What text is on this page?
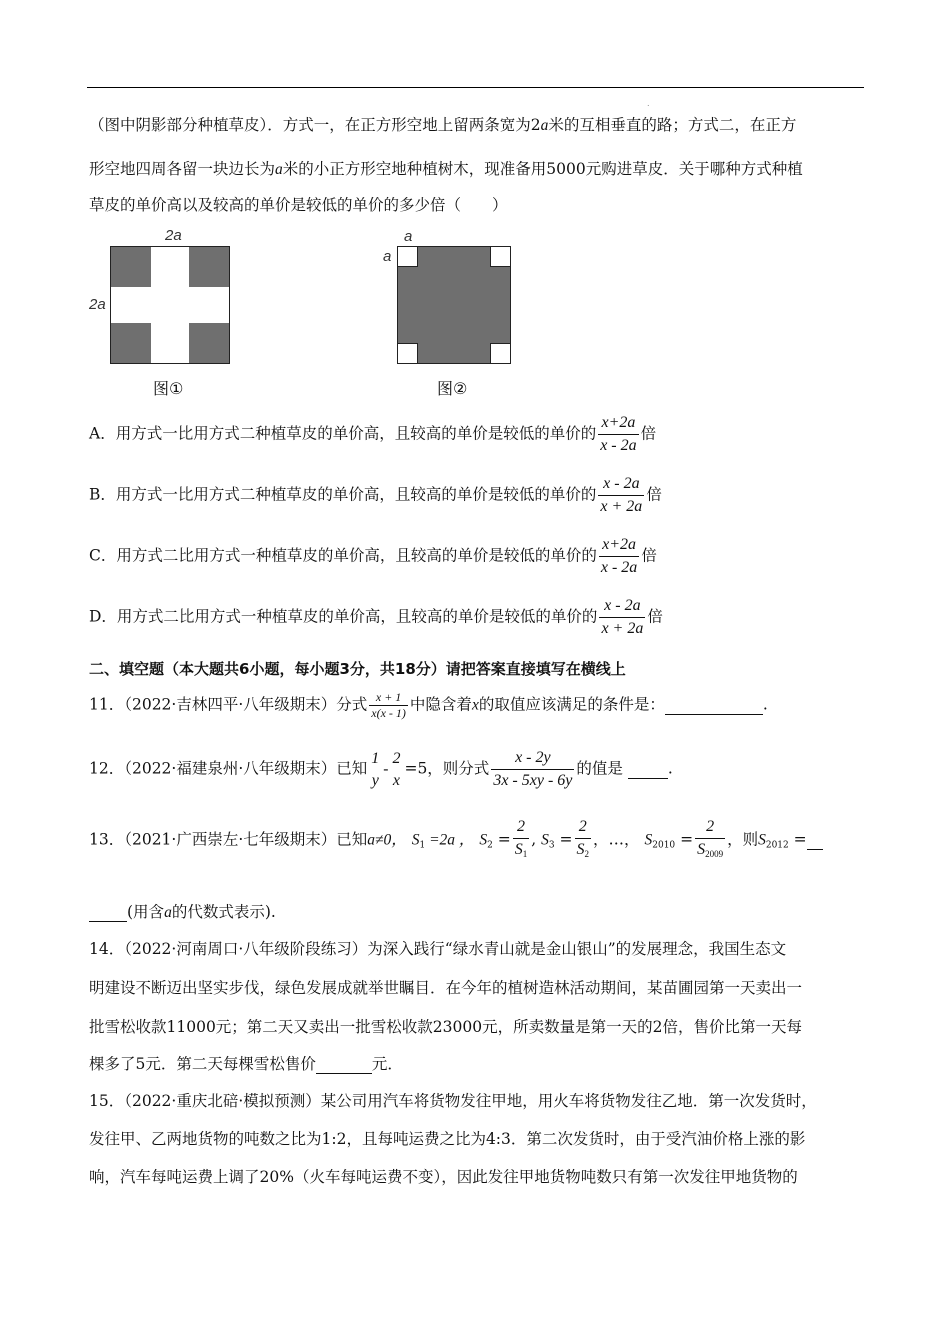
.
（图中阴影部分种植草皮）．方式一，在正方形空地上留两条宽为2a米的互相垂直的路；方式二，在正方
形空地四周各留一块边长为a米的小正方形空地种植树木，现准备用5000元购进草皮．关于哪种方式种植
草皮的单价高以及较高的单价是较低的单价的多少倍（　　）
2a
2a
图①
a
a
图②
A．用方式一比用方式二种植草皮的单价高，且较高的单价是较低的单价的 $\frac{x+2a}{x - 2a}$ 倍
B．用方式一比用方式二种植草皮的单价高，且较高的单价是较低的单价的 $\frac{x - 2a}{x + 2a}$ 倍
C．用方式二比用方式一种植草皮的单价高，且较高的单价是较低的单价的 $\frac{x+2a}{x - 2a}$ 倍
D．用方式二比用方式一种植草皮的单价高，且较高的单价是较低的单价的 $\frac{x - 2a}{x + 2a}$ 倍
二、填空题（本大题共6小题，每小题3分，共18分）请把答案直接填写在横线上
11．（2022·吉林四平·八年级期末）分式 $\frac{x + 1}{x(x - 1)}$ 中隐含着x的取值应该满足的条件是：	.
12．（2022·福建泉州·八年级期末）已知
1
y
-
2
x
=5，则分式 $\frac{x - 2y}{3x - 5xy - 6y}$ 的值是	.
13．（2021·广西崇左·七年级期末）已知a≠0， $S_1 =2a$ ， $S_2 = \frac{2}{S_1}$ , $S_3 = \frac{2}{S_2}$ ，…， $S_{2010} = \frac{2}{S_{2009}}$ ，则$S_{2012}$ =
(用含a的代数式表示).
14．（2022·河南周口·八年级阶段练习）为深入践行“绿水青山就是金山银山”的发展理念，我国生态文
明建设不断迈出坚实步伐，绿色发展成就举世瞩目．在今年的植树造林活动期间，某苗圃园第一天卖出一
批雪松收款11000元；第二天又卖出一批雪松收款23000元，所卖数量是第一天的2倍，售价比第一天每
棵多了5元．第二天每棵雪松售价	元．
15．（2022·重庆北碚·模拟预测）某公司用汽车将货物发往甲地，用火车将货物发往乙地．第一次发货时，
发往甲、乙两地货物的吨数之比为1:2，且每吨运费之比为4:3．第二次发货时，由于受汽油价格上涨的影
响，汽车每吨运费上调了20%（火车每吨运费不变），因此发往甲地货物吨数只有第一次发往甲地货物的
